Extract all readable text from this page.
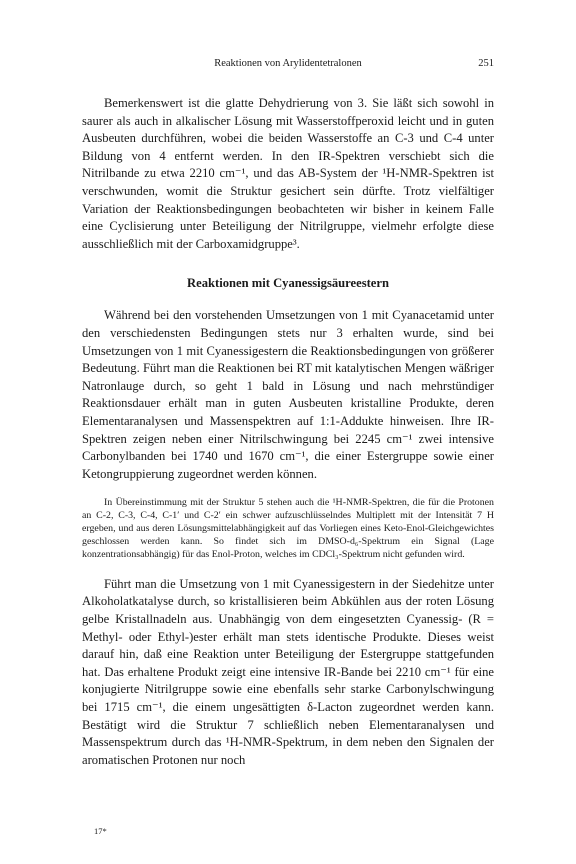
Reaktionen von Arylidentetralonen	251

Bemerkenswert ist die glatte Dehydrierung von 3. Sie läßt sich sowohl in saurer als auch in alkalischer Lösung mit Wasserstoffperoxid leicht und in guten Ausbeuten durchführen, wobei die beiden Wasserstoffe an C-3 und C-4 unter Bildung von 4 entfernt werden. In den IR-Spektren verschiebt sich die Nitrilbande zu etwa 2210 cm⁻¹, und das AB-System der ¹H-NMR-Spektren ist verschwunden, womit die Struktur gesichert sein dürfte. Trotz vielfältiger Variation der Reaktionsbedingungen beobachteten wir bisher in keinem Falle eine Cyclisierung unter Beteiligung der Nitrilgruppe, vielmehr erfolgte diese ausschließlich mit der Carboxamidgruppe³.

Reaktionen mit Cyanessigsäureestern

Während bei den vorstehenden Umsetzungen von 1 mit Cyanacetamid unter den verschiedensten Bedingungen stets nur 3 erhalten wurde, sind bei Umsetzungen von 1 mit Cyanessigestern die Reaktionsbedingungen von größerer Bedeutung. Führt man die Reaktionen bei RT mit katalytischen Mengen wäßriger Natronlauge durch, so geht 1 bald in Lösung und nach mehrstündiger Reaktionsdauer erhält man in guten Ausbeuten kristalline Produkte, deren Elementaranalysen und Massenspektren auf 1:1-Addukte hinweisen. Ihre IR-Spektren zeigen neben einer Nitrilschwingung bei 2245 cm⁻¹ zwei intensive Carbonylbanden bei 1740 und 1670 cm⁻¹, die einer Estergruppe sowie einer Ketongruppierung zugeordnet werden können.

In Übereinstimmung mit der Struktur 5 stehen auch die ¹H-NMR-Spektren, die für die Protonen an C-2, C-3, C-4, C-1′ und C-2′ ein schwer aufzuschlüsselndes Multiplett mit der Intensität 7 H ergeben, und aus deren Lösungsmittelabhängigkeit auf das Vorliegen eines Keto-Enol-Gleichgewichtes geschlossen werden kann. So findet sich im DMSO-d₆-Spektrum ein Signal (Lage konzentrationsabhängig) für das Enol-Proton, welches im CDCl₃-Spektrum nicht gefunden wird.

Führt man die Umsetzung von 1 mit Cyanessigestern in der Siedehitze unter Alkoholatkatalyse durch, so kristallisieren beim Abkühlen aus der roten Lösung gelbe Kristallnadeln aus. Unabhängig von dem eingesetzten Cyanessig- (R = Methyl- oder Ethyl-)ester erhält man stets identische Produkte. Dieses weist darauf hin, daß eine Reaktion unter Beteiligung der Estergruppe stattgefunden hat. Das erhaltene Produkt zeigt eine intensive IR-Bande bei 2210 cm⁻¹ für eine konjugierte Nitrilgruppe sowie eine ebenfalls sehr starke Carbonylschwingung bei 1715 cm⁻¹, die einem ungesättigten δ-Lacton zugeordnet werden kann. Bestätigt wird die Struktur 7 schließlich neben Elementaranalysen und Massenspektrum durch das ¹H-NMR-Spektrum, in dem neben den Signalen der aromatischen Protonen nur noch

17*
